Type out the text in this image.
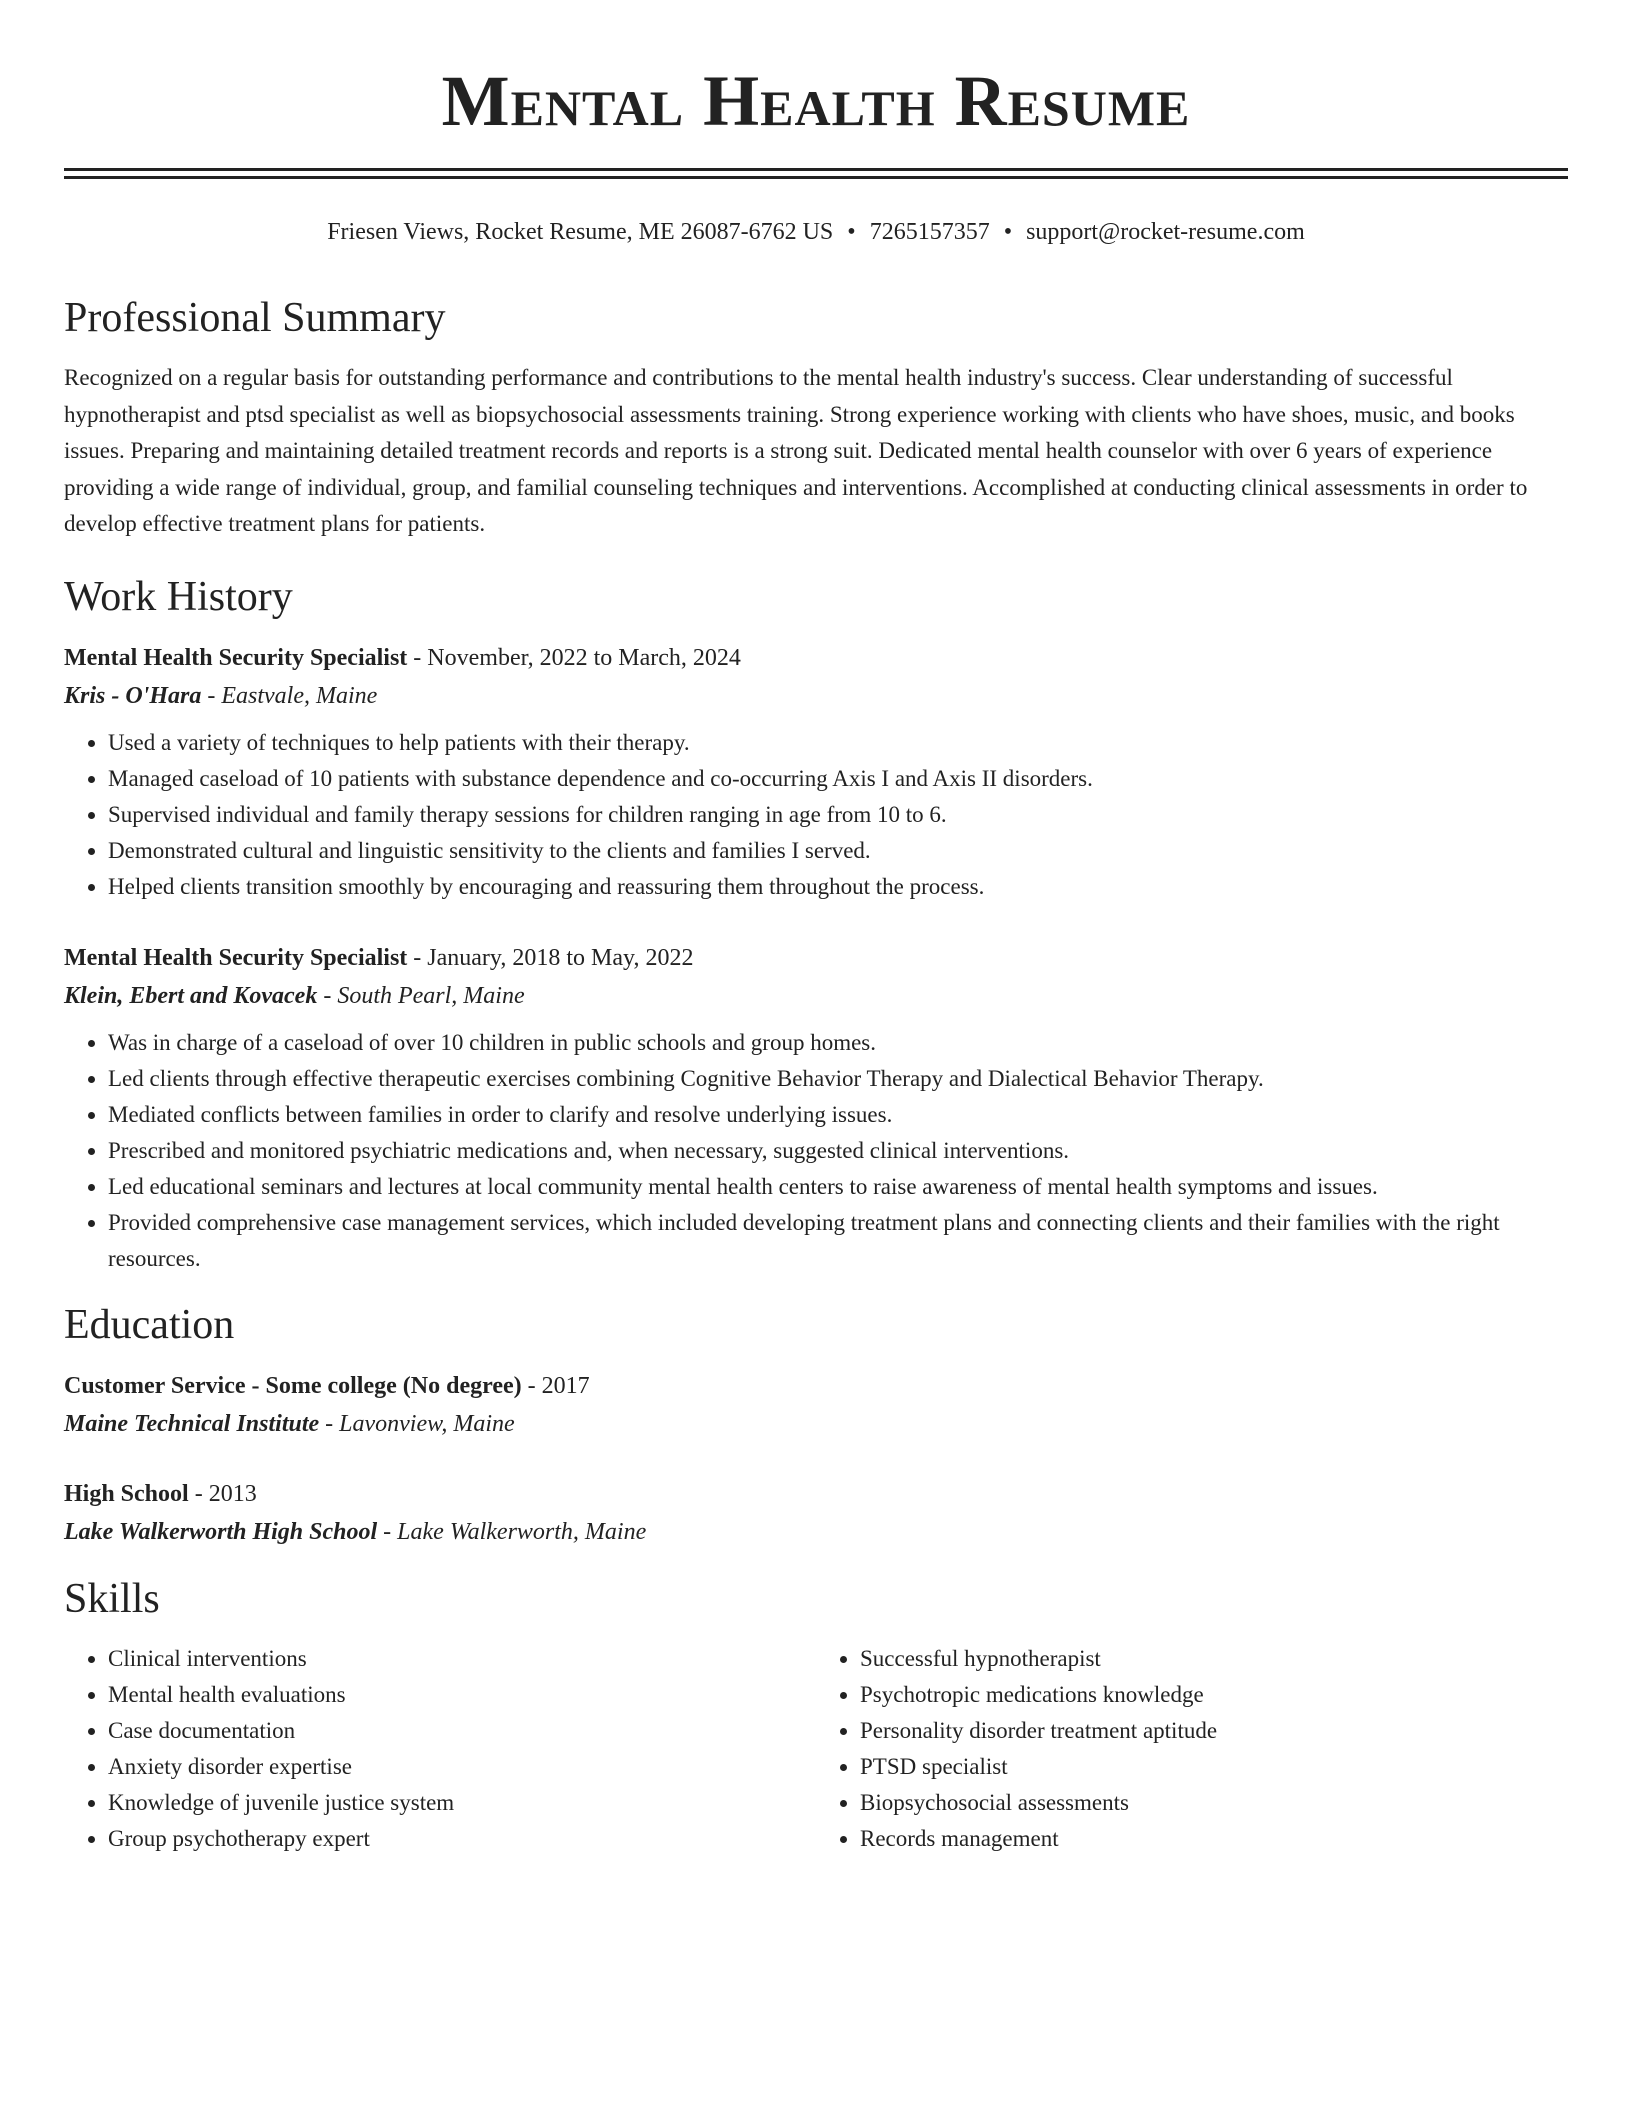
Mental Health Resume
Friesen Views, Rocket Resume, ME 26087-6762 US • 7265157357 • support@rocket-resume.com
Professional Summary

Recognized on a regular basis for outstanding performance and contributions to the mental health industry's success. Clear understanding of successful hypnotherapist and ptsd specialist as well as biopsychosocial assessments training. Strong experience working with clients who have shoes, music, and books issues. Preparing and maintaining detailed treatment records and reports is a strong suit. Dedicated mental health counselor with over 6 years of experience providing a wide range of individual, group, and familial counseling techniques and interventions. Accomplished at conducting clinical assessments in order to develop effective treatment plans for patients.

Work History
Mental Health Security Specialist - November, 2022 to March, 2024
Kris - O'Hara - Eastvale, Maine
• Used a variety of techniques to help patients with their therapy.
• Managed caseload of 10 patients with substance dependence and co-occurring Axis I and Axis II disorders.
• Supervised individual and family therapy sessions for children ranging in age from 10 to 6.
• Demonstrated cultural and linguistic sensitivity to the clients and families I served.
• Helped clients transition smoothly by encouraging and reassuring them throughout the process.
Mental Health Security Specialist - January, 2018 to May, 2022
Klein, Ebert and Kovacek - South Pearl, Maine
• Was in charge of a caseload of over 10 children in public schools and group homes.
• Led clients through effective therapeutic exercises combining Cognitive Behavior Therapy and Dialectical Behavior Therapy.
• Mediated conflicts between families in order to clarify and resolve underlying issues.
• Prescribed and monitored psychiatric medications and, when necessary, suggested clinical interventions.
• Led educational seminars and lectures at local community mental health centers to raise awareness of mental health symptoms and issues.
• Provided comprehensive case management services, which included developing treatment plans and connecting clients and their families with the right resources.
Education
Customer Service - Some college (No degree) - 2017
Maine Technical Institute - Lavonview, Maine
High School - 2013
Lake Walkerworth High School - Lake Walkerworth, Maine
Skills
• Clinical interventions
• Mental health evaluations
• Case documentation
• Anxiety disorder expertise
• Knowledge of juvenile justice system
• Group psychotherapy expert
• Successful hypnotherapist
• Psychotropic medications knowledge
• Personality disorder treatment aptitude
• PTSD specialist
• Biopsychosocial assessments
• Records management
